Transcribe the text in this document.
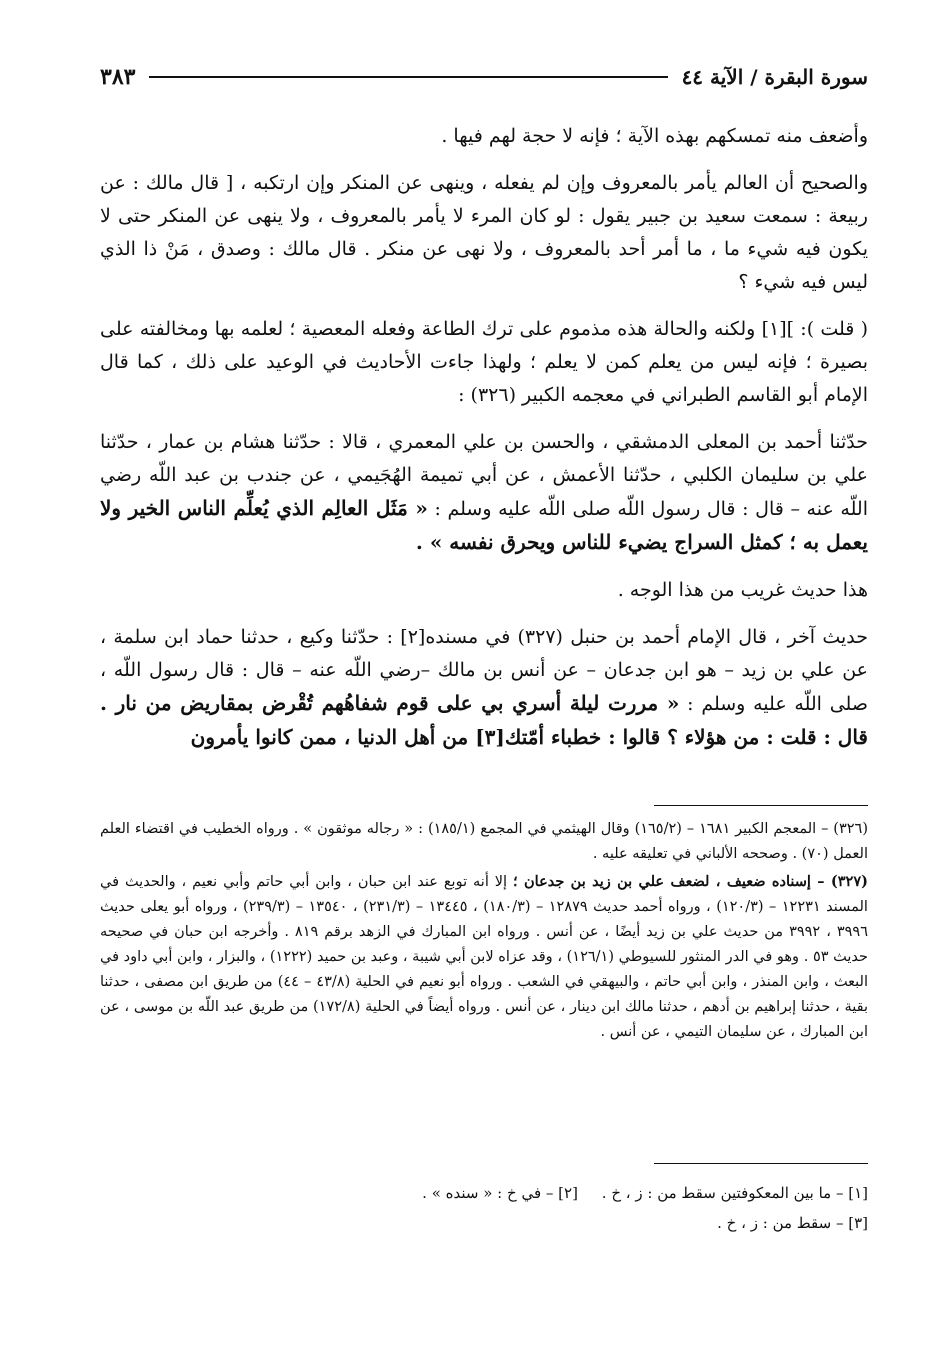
سورة البقرة / الآية ٤٤
٣٨٣

وأضعف منه تمسكهم بهذه الآية ؛ فإنه لا حجة لهم فيها .

والصحيح أن العالم يأمر بالمعروف وإن لم يفعله ، وينهى عن المنكر وإن ارتكبه ، [ قال مالك : عن ربيعة : سمعت سعيد بن جبير يقول : لو كان المرء لا يأمر بالمعروف ، ولا ينهى عن المنكر حتى لا يكون فيه شيء ما ، ما أمر أحد بالمعروف ، ولا نهى عن منكر . قال مالك : وصدق ، مَنْ ذا الذي ليس فيه شيء ؟

( قلت ): ][١] ولكنه والحالة هذه مذموم على ترك الطاعة وفعله المعصية ؛ لعلمه بها ومخالفته على بصيرة ؛ فإنه ليس من يعلم كمن لا يعلم ؛ ولهذا جاءت الأحاديث في الوعيد على ذلك ، كما قال الإمام أبو القاسم الطبراني في معجمه الكبير (٣٢٦) :

حدّثنا أحمد بن المعلى الدمشقي ، والحسن بن علي المعمري ، قالا : حدّثنا هشام بن عمار ، حدّثنا علي بن سليمان الكلبي ، حدّثنا الأعمش ، عن أبي تميمة الهُجَيمي ، عن جندب بن عبد اللّه رضي اللّه عنه – قال : قال رسول اللّه صلى اللّه عليه وسلم : « مَثَل العالِم الذي يُعلِّم الناس الخير ولا يعمل به ؛ كمثل السراج يضيء للناس ويحرق نفسه » .

هذا حديث غريب من هذا الوجه .

حديث آخر ، قال الإمام أحمد بن حنبل (٣٢٧) في مسنده[٢] : حدّثنا وكيع ، حدثنا حماد ابن سلمة ، عن علي بن زيد – هو ابن جدعان – عن أنس بن مالك –رضي اللّه عنه – قال : قال رسول اللّه ، صلى اللّه عليه وسلم : « مررت ليلة أسري بي على قوم شفاهُهم تُقْرض بمقاريض من نار . قال : قلت : من هؤلاء ؟ قالوا : خطباء أمّتك[٣] من أهل الدنيا ، ممن كانوا يأمرون

(٣٢٦) – المعجم الكبير ١٦٨١ – (١٦٥/٢) وقال الهيثمي في المجمع (١٨٥/١) : « رجاله موثقون » . ورواه الخطيب في اقتضاء العلم العمل (٧٠) . وصححه الألباني في تعليقه عليه .

(٣٢٧) – إسناده ضعيف ، لضعف علي بن زيد بن جدعان ؛ إلا أنه توبع عند ابن حبان ، وابن أبي حاتم وأبي نعيم ، والحديث في المسند ١٢٢٣١ – (١٢٠/٣) ، ورواه أحمد حديث ١٢٨٧٩ – (١٨٠/٣) ، ١٣٤٤٥ – (٢٣١/٣) ، ١٣٥٤٠ – (٢٣٩/٣) ، ورواه أبو يعلى حديث ٣٩٩٦ ، ٣٩٩٢ من حديث علي بن زيد أيضًا ، عن أنس . ورواه ابن المبارك في الزهد برقم ٨١٩ . وأخرجه ابن حبان في صحيحه حديث ٥٣ . وهو في الدر المنثور للسيوطي (١٢٦/١) ، وقد عزاه لابن أبي شيبة ، وعبد بن حميد (١٢٢٢) ، والبزار ، وابن أبي داود في البعث ، وابن المنذر ، وابن أبي حاتم ، والبيهقي في الشعب . ورواه أبو نعيم في الحلية (٤٣/٨ – ٤٤) من طريق ابن مصفى ، حدثنا بقية ، حدثنا إبراهيم بن أدهم ، حدثنا مالك ابن دينار ، عن أنس . ورواه أيضاً في الحلية (١٧٢/٨) من طريق عبد اللّه بن موسى ، عن ابن المبارك ، عن سليمان التيمي ، عن أنس .

[١] – ما بين المعكوفتين سقط من : ز ، خ .     [٢] – في خ : « سنده » .
[٣] – سقط من : ز ، خ .
